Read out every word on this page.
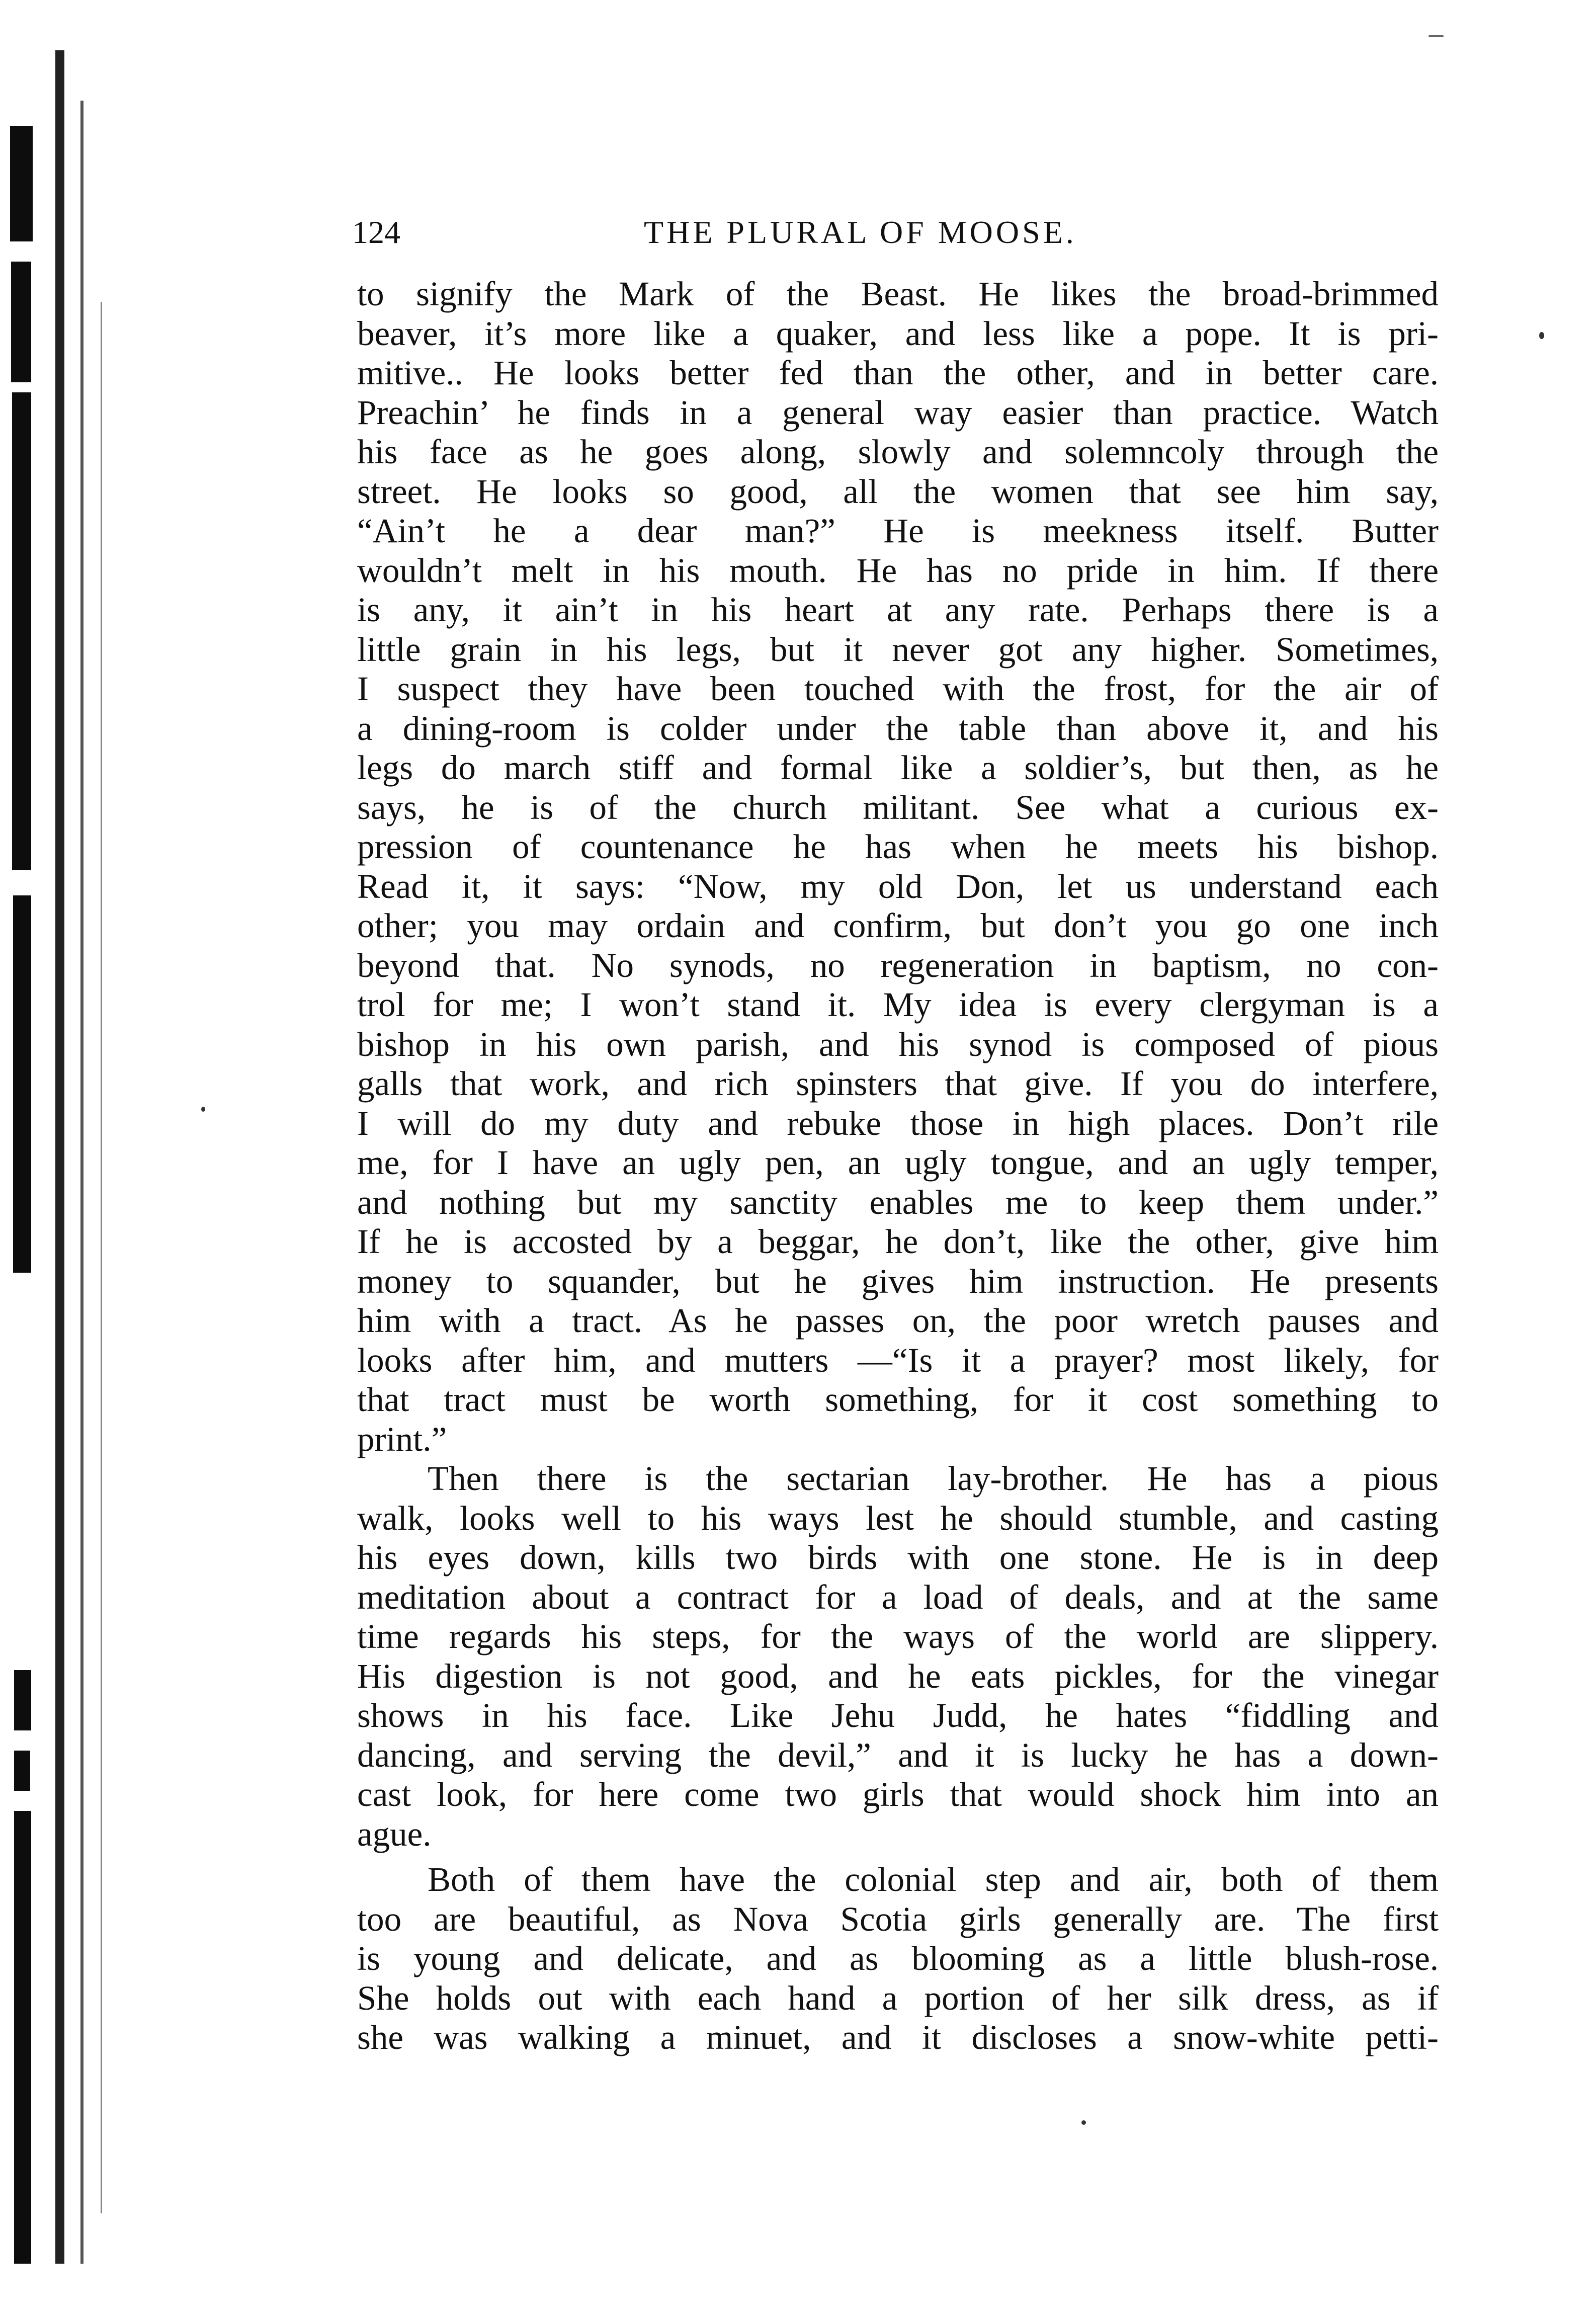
124	THE PLURAL OF MOOSE.
to signify the Mark of the Beast. He likes the broad-brimmed
beaver, it’s more like a quaker, and less like a pope. It is pri-
mitive.. He looks better fed than the other, and in better care.
Preachin’ he finds in a general way easier than practice. Watch
his face as he goes along, slowly and solemncoly through the
street. He looks so good, all the women that see him say,
“Ain’t he a dear man?” He is meekness itself. Butter
wouldn’t melt in his mouth. He has no pride in him. If there
is any, it ain’t in his heart at any rate. Perhaps there is a
little grain in his legs, but it never got any higher. Sometimes,
I suspect they have been touched with the frost, for the air of
a dining-room is colder under the table than above it, and his
legs do march stiff and formal like a soldier’s, but then, as he
says, he is of the church militant. See what a curious ex-
pression of countenance he has when he meets his bishop.
Read it, it says: “Now, my old Don, let us understand each
other; you may ordain and confirm, but don’t you go one inch
beyond that. No synods, no regeneration in baptism, no con-
trol for me; I won’t stand it. My idea is every clergyman is a
bishop in his own parish, and his synod is composed of pious
galls that work, and rich spinsters that give. If you do interfere,
I will do my duty and rebuke those in high places. Don’t rile
me, for I have an ugly pen, an ugly tongue, and an ugly temper,
and nothing but my sanctity enables me to keep them under.”
If he is accosted by a beggar, he don’t, like the other, give him
money to squander, but he gives him instruction. He presents
him with a tract. As he passes on, the poor wretch pauses and
looks after him, and mutters —“Is it a prayer? most likely, for
that tract must be worth something, for it cost something to
print.”
Then there is the sectarian lay-brother. He has a pious
walk, looks well to his ways lest he should stumble, and casting
his eyes down, kills two birds with one stone. He is in deep
meditation about a contract for a load of deals, and at the same
time regards his steps, for the ways of the world are slippery.
His digestion is not good, and he eats pickles, for the vinegar
shows in his face. Like Jehu Judd, he hates “fiddling and
dancing, and serving the devil,” and it is lucky he has a down-
cast look, for here come two girls that would shock him into an
ague.
Both of them have the colonial step and air, both of them
too are beautiful, as Nova Scotia girls generally are. The first
is young and delicate, and as blooming as a little blush-rose.
She holds out with each hand a portion of her silk dress, as if
she was walking a minuet, and it discloses a snow-white petti-
